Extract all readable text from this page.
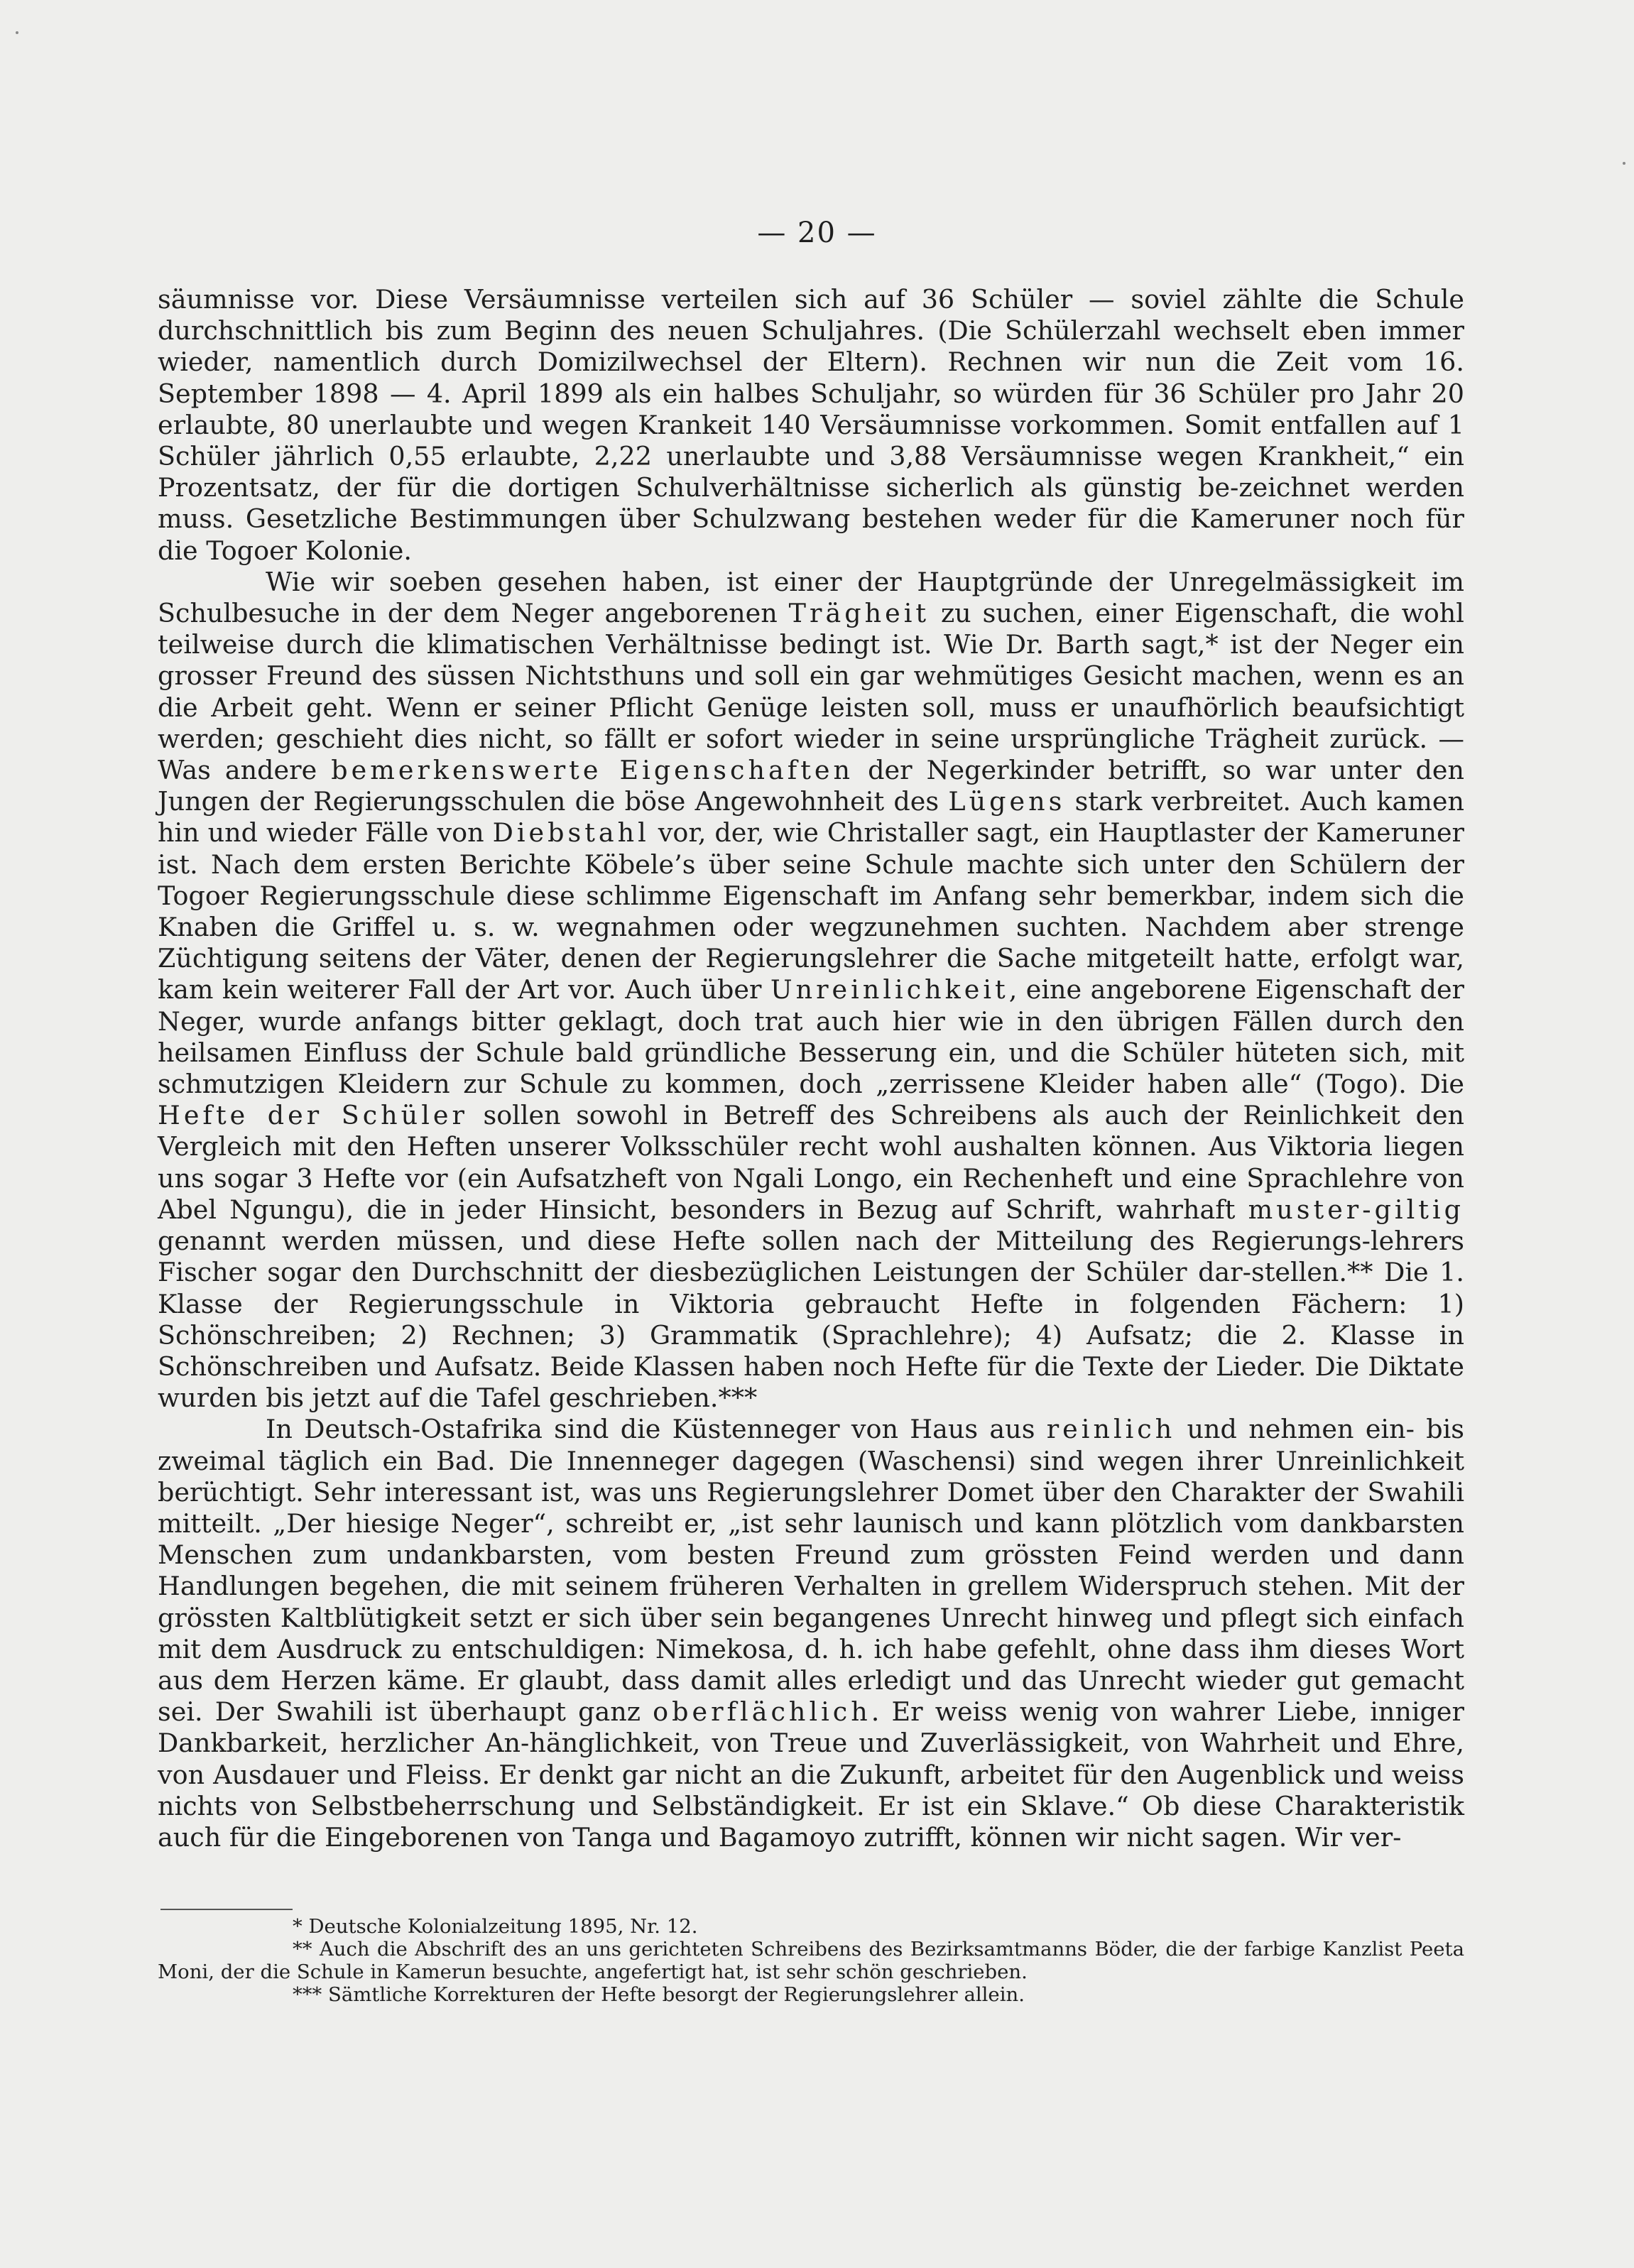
— 20 —

säumnisse vor. Diese Versäumnisse verteilen sich auf 36 Schüler — soviel zählte die Schule durchschnittlich bis zum Beginn des neuen Schuljahres. (Die Schülerzahl wechselt eben immer wieder, namentlich durch Domizilwechsel der Eltern). Rechnen wir nun die Zeit vom 16. September 1898 — 4. April 1899 als ein halbes Schuljahr, so würden für 36 Schüler pro Jahr 20 erlaubte, 80 unerlaubte und wegen Krankeit 140 Versäumnisse vorkommen. Somit entfallen auf 1 Schüler jährlich 0,55 erlaubte, 2,22 unerlaubte und 3,88 Versäumnisse wegen Krankheit,“ ein Prozentsatz, der für die dortigen Schulverhältnisse sicherlich als günstig be-zeichnet werden muss. Gesetzliche Bestimmungen über Schulzwang bestehen weder für die Kameruner noch für die Togoer Kolonie.

Wie wir soeben gesehen haben, ist einer der Hauptgründe der Unregelmässigkeit im Schulbesuche in der dem Neger angeborenen Trägheit zu suchen, einer Eigenschaft, die wohl teilweise durch die klimatischen Verhältnisse bedingt ist. Wie Dr. Barth sagt,* ist der Neger ein grosser Freund des süssen Nichtsthuns und soll ein gar wehmütiges Gesicht machen, wenn es an die Arbeit geht. Wenn er seiner Pflicht Genüge leisten soll, muss er unaufhörlich beaufsichtigt werden; geschieht dies nicht, so fällt er sofort wieder in seine ursprüngliche Trägheit zurück. — Was andere bemerkenswerte Eigenschaften der Negerkinder betrifft, so war unter den Jungen der Regierungsschulen die böse Angewohnheit des Lügens stark verbreitet. Auch kamen hin und wieder Fälle von Diebstahl vor, der, wie Christaller sagt, ein Hauptlaster der Kameruner ist. Nach dem ersten Berichte Köbele’s über seine Schule machte sich unter den Schülern der Togoer Regierungsschule diese schlimme Eigenschaft im Anfang sehr bemerkbar, indem sich die Knaben die Griffel u. s. w. wegnahmen oder wegzunehmen suchten. Nachdem aber strenge Züchtigung seitens der Väter, denen der Regierungslehrer die Sache mitgeteilt hatte, erfolgt war, kam kein weiterer Fall der Art vor. Auch über Unreinlichkeit, eine angeborene Eigenschaft der Neger, wurde anfangs bitter geklagt, doch trat auch hier wie in den übrigen Fällen durch den heilsamen Einfluss der Schule bald gründliche Besserung ein, und die Schüler hüteten sich, mit schmutzigen Kleidern zur Schule zu kommen, doch „zerrissene Kleider haben alle“ (Togo). Die Hefte der Schüler sollen sowohl in Betreff des Schreibens als auch der Reinlichkeit den Vergleich mit den Heften unserer Volksschüler recht wohl aushalten können. Aus Viktoria liegen uns sogar 3 Hefte vor (ein Aufsatzheft von Ngali Longo, ein Rechenheft und eine Sprachlehre von Abel Ngungu), die in jeder Hinsicht, besonders in Bezug auf Schrift, wahrhaft muster-giltig genannt werden müssen, und diese Hefte sollen nach der Mitteilung des Regierungs-lehrers Fischer sogar den Durchschnitt der diesbezüglichen Leistungen der Schüler dar-stellen.** Die 1. Klasse der Regierungsschule in Viktoria gebraucht Hefte in folgenden Fächern: 1) Schönschreiben; 2) Rechnen; 3) Grammatik (Sprachlehre); 4) Aufsatz; die 2. Klasse in Schönschreiben und Aufsatz. Beide Klassen haben noch Hefte für die Texte der Lieder. Die Diktate wurden bis jetzt auf die Tafel geschrieben.***

In Deutsch-Ostafrika sind die Küstenneger von Haus aus reinlich und nehmen ein- bis zweimal täglich ein Bad. Die Innenneger dagegen (Waschensi) sind wegen ihrer Unreinlichkeit berüchtigt. Sehr interessant ist, was uns Regierungslehrer Domet über den Charakter der Swahili mitteilt. „Der hiesige Neger“, schreibt er, „ist sehr launisch und kann plötzlich vom dankbarsten Menschen zum undankbarsten, vom besten Freund zum grössten Feind werden und dann Handlungen begehen, die mit seinem früheren Verhalten in grellem Widerspruch stehen. Mit der grössten Kaltblütigkeit setzt er sich über sein begangenes Unrecht hinweg und pflegt sich einfach mit dem Ausdruck zu entschuldigen: Nimekosa, d. h. ich habe gefehlt, ohne dass ihm dieses Wort aus dem Herzen käme. Er glaubt, dass damit alles erledigt und das Unrecht wieder gut gemacht sei. Der Swahili ist überhaupt ganz oberflächlich. Er weiss wenig von wahrer Liebe, inniger Dankbarkeit, herzlicher An-hänglichkeit, von Treue und Zuverlässigkeit, von Wahrheit und Ehre, von Ausdauer und Fleiss. Er denkt gar nicht an die Zukunft, arbeitet für den Augenblick und weiss nichts von Selbstbeherrschung und Selbständigkeit. Er ist ein Sklave.“ Ob diese Charakteristik auch für die Eingeborenen von Tanga und Bagamoyo zutrifft, können wir nicht sagen. Wir ver-

* Deutsche Kolonialzeitung 1895, Nr. 12.

** Auch die Abschrift des an uns gerichteten Schreibens des Bezirksamtmanns Böder, die der farbige Kanzlist Peeta Moni, der die Schule in Kamerun besuchte, angefertigt hat, ist sehr schön geschrieben.

*** Sämtliche Korrekturen der Hefte besorgt der Regierungslehrer allein.
